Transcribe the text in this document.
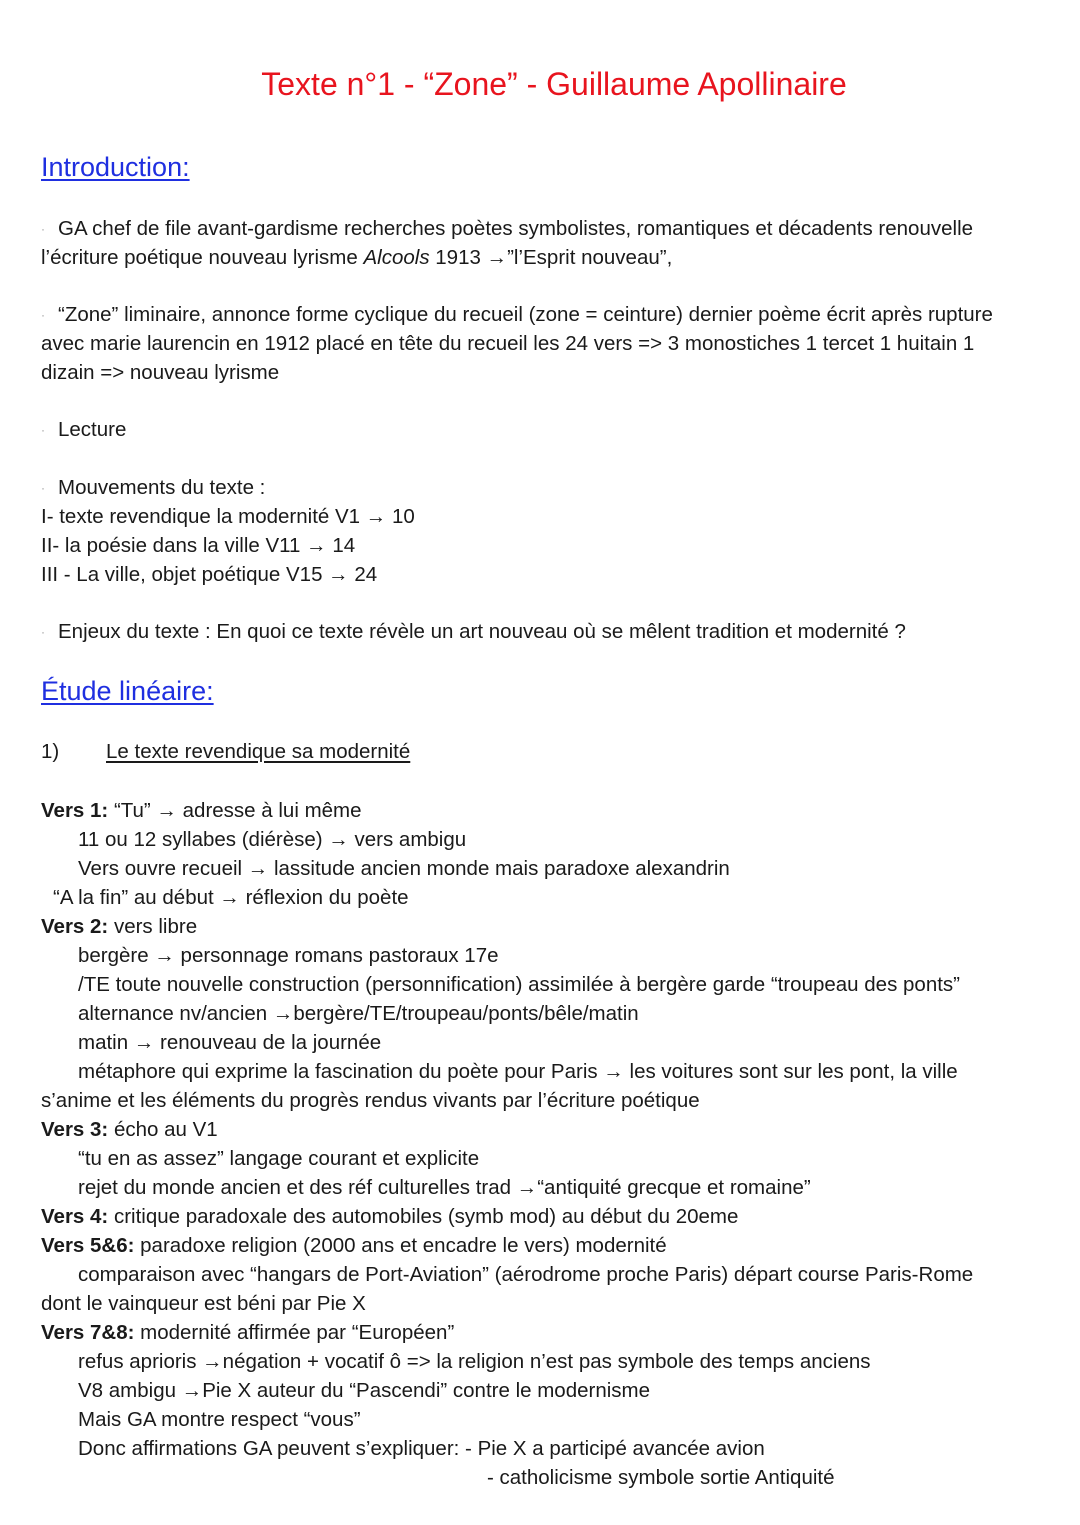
Texte n°1 - “Zone” - Guillaume Apollinaire
Introduction:
· GA chef de file avant-gardisme recherches poètes symbolistes, romantiques et décadents renouvelle
l’écriture poétique nouveau lyrisme Alcools 1913 →”l’Esprit nouveau”,
· “Zone” liminaire, annonce forme cyclique du recueil (zone = ceinture) dernier poème écrit après rupture
avec marie laurencin en 1912 placé en tête du recueil les 24 vers => 3 monostiches 1 tercet 1 huitain 1
dizain => nouveau lyrisme
· Lecture
· Mouvements du texte :
I- texte revendique la modernité V1 → 10
II- la poésie dans la ville V11 → 14
III - La ville, objet poétique V15 → 24
· Enjeux du texte : En quoi ce texte révèle un art nouveau où se mêlent tradition et modernité ?
Étude linéaire:
1) Le texte revendique sa modernité
Vers 1: “Tu” → adresse à lui même
11 ou 12 syllabes (diérèse) → vers ambigu
Vers ouvre recueil → lassitude ancien monde mais paradoxe alexandrin
“A la fin” au début → réflexion du poète
Vers 2: vers libre
bergère → personnage romans pastoraux 17e
/TE toute nouvelle construction (personnification) assimilée à bergère garde “troupeau des ponts”
alternance nv/ancien →bergère/TE/troupeau/ponts/bêle/matin
matin → renouveau de la journée
métaphore qui exprime la fascination du poète pour Paris → les voitures sont sur les pont, la ville
s’anime et les éléments du progrès rendus vivants par l’écriture poétique
Vers 3: écho au V1
“tu en as assez” langage courant et explicite
rejet du monde ancien et des réf culturelles trad →“antiquité grecque et romaine”
Vers 4: critique paradoxale des automobiles (symb mod) au début du 20eme
Vers 5&6: paradoxe religion (2000 ans et encadre le vers) modernité
comparaison avec “hangars de Port-Aviation” (aérodrome proche Paris) départ course Paris-Rome
dont le vainqueur est béni par Pie X
Vers 7&8: modernité affirmée par “Européen”
refus aprioris →négation + vocatif ô => la religion n’est pas symbole des temps anciens
V8 ambigu →Pie X auteur du “Pascendi” contre le modernisme
Mais GA montre respect “vous”
Donc affirmations GA peuvent s’expliquer: - Pie X a participé avancée avion
- catholicisme symbole sortie Antiquité
